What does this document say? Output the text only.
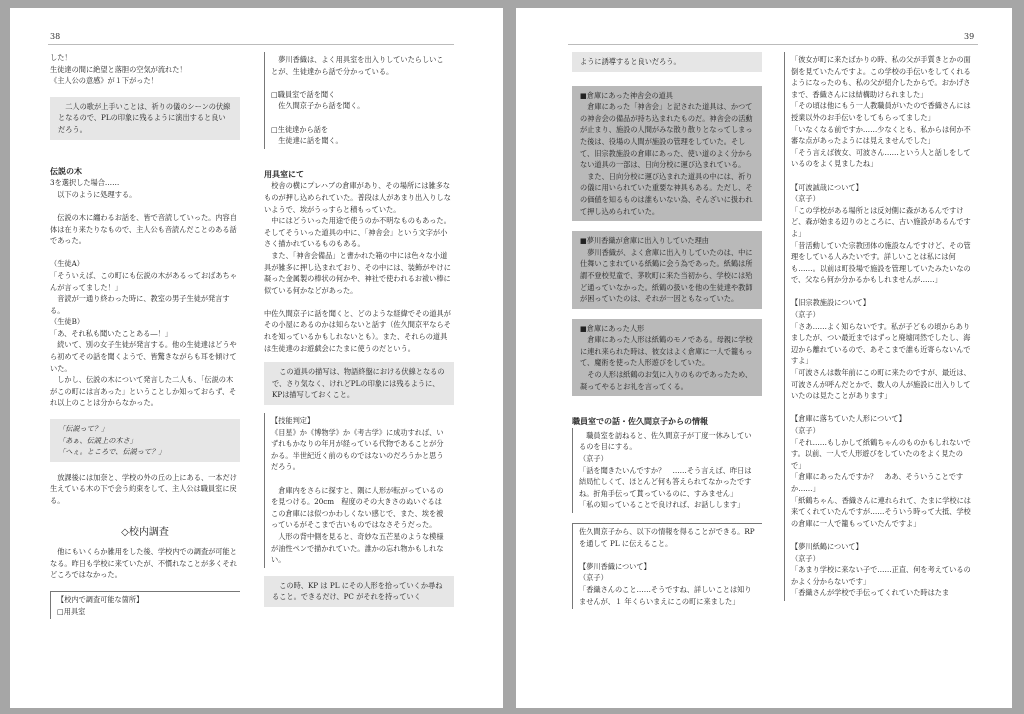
38

した！
生徒達の間に絶望と落胆の空気が流れた！
《主人公の意感》が１下がった！

　二人の歌が上手いことは、祈りの儀のシーンの伏線となるので、PLの印象に残るように演出すると良いだろう。

伝説の木

3を選択した場合……
　以下のように処理する。

　伝説の木に纏わるお話を、皆で音読していった。内容自体は在り来たりなもので、主人公も音読んだことのある話であった。

（生徒A）
「そういえば、この町にも伝説の木があるっておばあちゃんが言ってました！」
　音読が一通り終わった時に、教室の男子生徒が発言する。
（生徒B）
「あ、それ私も聞いたことある―！」
　続いて、別の女子生徒が発言する。他の生徒達はどうやら初めてその話を聞くようで、皆驚きながらも耳を傾けていた。
　しかし、伝説の木について発言した二人も、「伝説の木がこの町には言あった」ということしか知っておらず、それ以上のことは分からなかった。

「伝説って？」
「あぁ、伝説上の木さ」
「へぇ。ところで、伝説って？」

　放課後には加奈と、学校の外の丘の上にある、一本だけ生えている木の下で会う約束をして、主人公は職員室に戻る。

◇校内調査

　他にもいくらか雑用をした後、学校内での調査が可能となる。昨日も学校に来ていたが、不慣れなことが多くそれどころではなかった。

【校内で調査可能な箇所】
□用具室

　夢川香織は、よく用具室を出入りしていたらしいことが、生徒達から話で分かっている。

□職員室で話を聞く
　佐久間京子から話を聞く。

□生徒達から話を
　生徒達に話を聞く。

用具室にて

　校舎の横にプレハブの倉庫があり、その場所には雑多なものが押し込められていた。普段は人があまり出入りしないようで、埃がうっすらと積もっていた。
　中にはどういった用途で使うのか不明なものもあった。そしてそういった道具の中に、「神舎会」という文字が小さく描かれているものもある。
　また、「神舎会備品」と書かれた箱の中には色々な小道具が雑多に押し込まれており、その中には、装飾がやけに凝った金属製の棒状の何かや、神社で使われるお祓い棒に似ている何かなどがあった。

中佐久間京子に話を聞くと、どのような経緯でその道具がその小屋にあるのかは知らないと話す（佐久間京平ならそれを知っているかもしれないとも）。また、それらの道具は生徒達のお遊戯会にたまに使うのだという。

　この道具の描写は、物語終盤における伏線となるので、さり気なく、けれどPLの印象には残るように、KPは描写しておくこと。

【技能判定】
《目星》か《博物学》か《考古学》に成功すれば、いずれもかなりの年月が経っている代物であることが分かる。半世紀近く前のものではないのだろうかと思うだろう。

　倉庫内をさらに探すと、隅に人形が転がっているのを見つける。20cm　程度のその大きさのぬいぐるはこの倉庫には似つかわしくない感じで、また、埃を被っているがそこまで古いものではなさそうだった。
　人形の背中側を見ると、奇妙な五芒星のような模様が油性ペンで描かれていた。誰かの忘れ物かもしれない。

　この時、KP は PL にその人形を拾っていくか尋ねること。できるだけ、PC がそれを持っていく

39

ように誘導すると良いだろう。

■倉庫にあった神舎会の道具
　倉庫にあった「神舎会」と記された道具は、かつての神舎会の備品が持ち込まれたものだ。神舎会の活動が止まり、施設の人間がみな散り散りとなってしまった後は、役場の人間が施設の管理をしていた。そして、旧宗教施設の倉庫にあった、使い道のよく分からない道具の一部は、日向分校に運び込まれている。
　また、日向分校に運び込まれた道具の中には、祈りの儀に用いられていた重要な神具もある。ただし、その価値を知るものは誰もいない為、そんざいに扱われて押し込められていた。

■夢川香織が倉庫に出入りしていた理由
　夢川香織が、よく倉庫に出入りしていたのは、中に仕舞いこまれている紙鶴に会う為であった。紙鶴は所謂不登校児童で、茅吹町に来た当初から、学校には殆ど通っていなかった。紙鶴の扱いを他の生徒達や教師が困っていたのは、それが一因ともなっていた。

■倉庫にあった人形
　倉庫にあった人形は紙鶴のモノである。母親に学校に連れ来られた時は、彼女はよく倉庫に一人で籠もって、魔術を使った人形遊びをしていた。
　その人形は紙鶴のお気に入りのものであったため、凝ってやるとお礼を言ってくる。

職員室での話・佐久間京子からの情報

　職員室を訪ねると、佐久間京子が丁度一休みしているのを目にする。
（京子）
「話を聞きたいんですか？　……そう言えば、昨日は結局忙しくて、ほとんど何も答えられてなかったですね。折角手伝って貰っているのに、すみません」
「私の知っていることで良ければ、お話しします」

佐久間京子から、以下の情報を得ることができる。RP を通して PL に伝えること。

【夢川香織について】
（京子）
「香織さんのこと……そうですね、詳しいことは知りませんが、１ 年くらいまえにこの町に来ました」

「彼女が町に来たばかりの時、私の父が手質きとかの面倒を見ていたんですよ。この学校の手伝いをしてくれるようになったのも、私の父が紹介したからで。おかげさまで、香織さんには結構助けられました」
「その頃は他にもう一人教職員がいたので香織さんには授業以外のお手伝いをしてもらってました」
「いなくなる前ですか……少なくとも、私からは何か不審な点があったようには見えませんでした」
「そう言えば彼女、可波さん……という人と話しをしているのをよく見ましたね」

【可波誠哉について】
（京子）
「この学校がある場所とは反対側に森があるんですけど、森が始まる辺りのところに、古い施設があるんですよ」
「昔活動していた宗教団体の施設なんですけど、その管理をしている人みたいです。詳しいことは私には何も……。以前は町役場で施設を管理していたみたいなので、父なら何か分かるかもしれませんが……」

【旧宗教施設について】
（京子）
「さあ……よく知らないです。私が子どもの頃からありましたが、つい最近まではずっと廃墟同然でしたし、海辺から離れているので、あそこまで誰も近寄らないんですよ」
「可波さんは数年前にこの町に来たのですが、最近は、可波さんが呼んだとかで、数人の人が施設に出入りしていたのは見たことがあります」

【倉庫に落ちていた人形について】
（京子）
「それ……もしかして紙鶴ちゃんのものかもしれないです。以前、一人で人形遊びをしていたのをよく見たので」
「倉庫にあったんですか？　ああ、そういうことですか……」
「紙鶴ちゃん、香織さんに連れられて、たまに学校には来てくれていたんですが……そういう時って大抵、学校の倉庫に一人で籠もっていたんですよ」

【夢川紙鶴について】
（京子）
「あまり学校に来ない子で……正直、何を考えているのかよく分からないです」
「香織さんが学校で手伝ってくれていた時はたま
